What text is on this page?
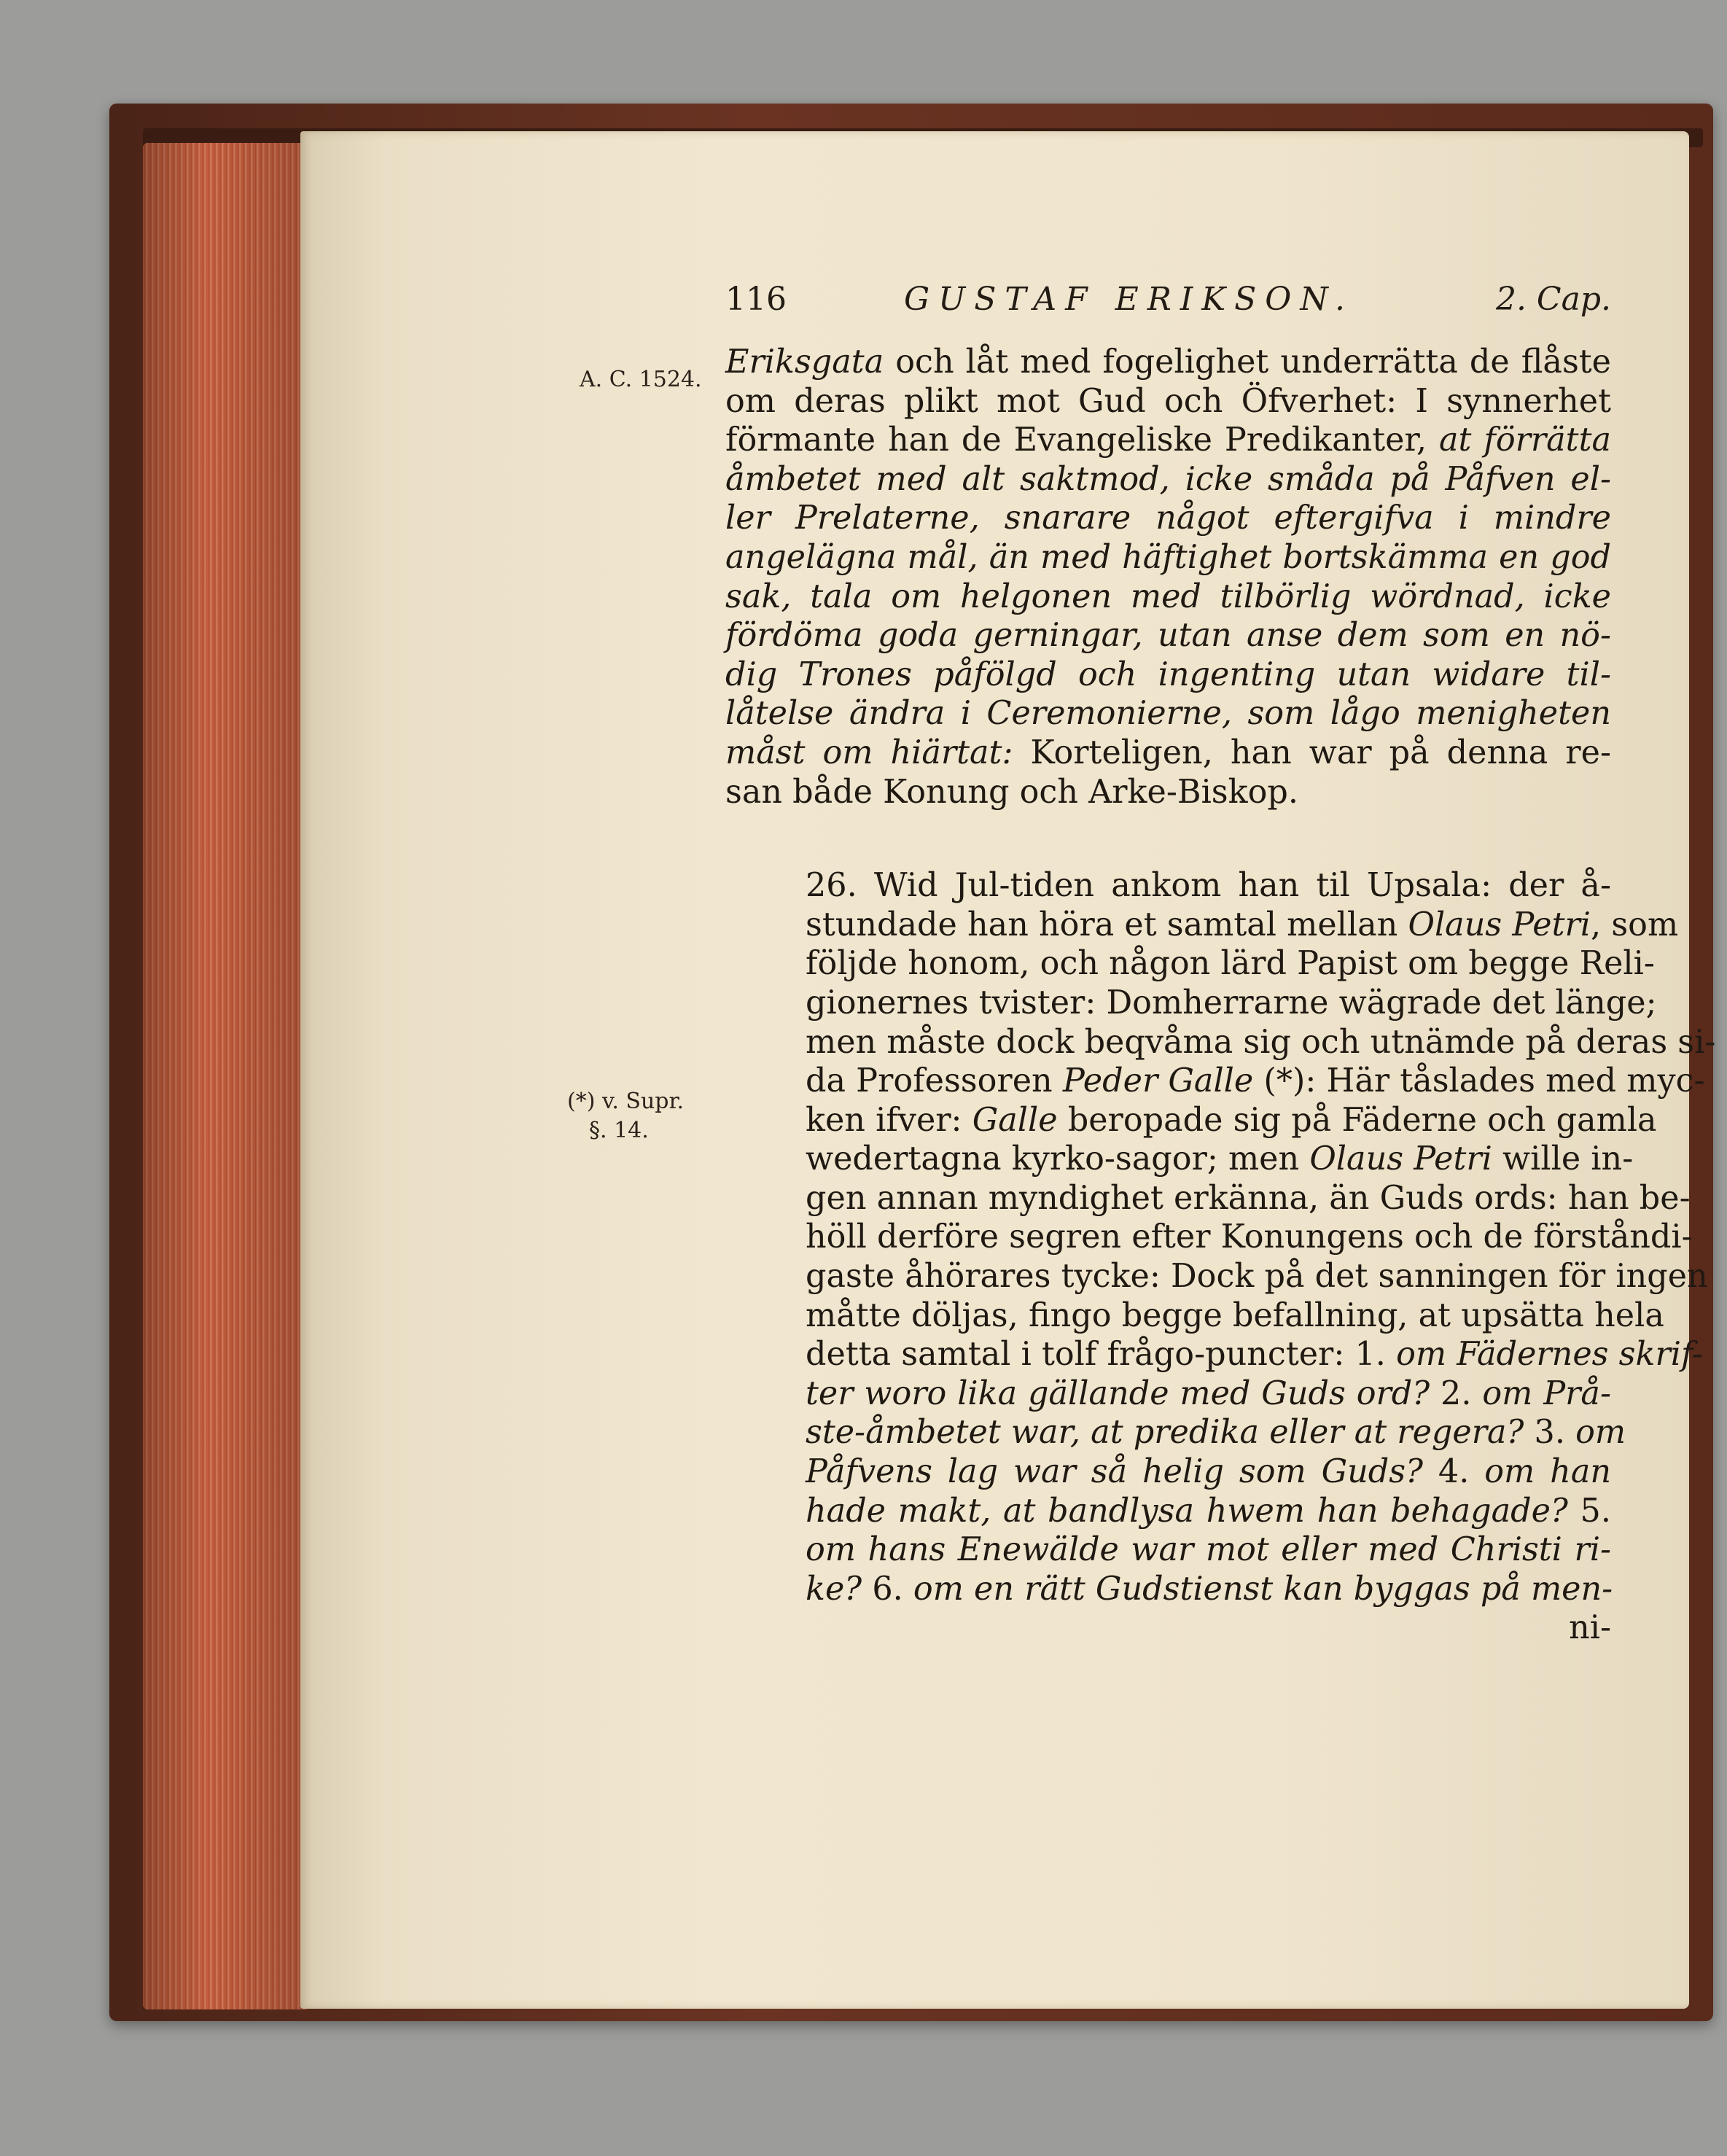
116	GUSTAF ERIKSON.	2. Cap.
A. C. 1524.
(*) v. Supr.
§. 14.

Eriksgata och låt med fogelighet underrätta de flåste
om deras plikt mot Gud och Öfverhet: I synnerhet
förmante han de Evangeliske Predikanter, at förrätta
åmbetet med alt saktmod, icke småda på Påfven el-
ler Prelaterne, snarare något eftergifva i mindre
angelägna mål, än med häftighet bortskämma en god
sak, tala om helgonen med tilbörlig wördnad, icke
fördöma goda gerningar, utan anse dem som en nö-
dig Trones påfölgd och ingenting utan widare til-
låtelse ändra i Ceremonierne, som lågo menigheten
måst om hiärtat: Korteligen, han war på denna re-
san både Konung och Arke-Biskop.

26. Wid Jul-tiden ankom han til Upsala: der å-
stundade han höra et samtal mellan Olaus Petri, som
följde honom, och någon lärd Papist om begge Reli-
gionernes tvister: Domherrarne wägrade det länge;
men måste dock beqvåma sig och utnämde på deras si-
da Professoren Peder Galle (*): Här tåslades med myc-
ken ifver: Galle beropade sig på Fäderne och gamla
wedertagna kyrko-sagor; men Olaus Petri wille in-
gen annan myndighet erkänna, än Guds ords: han be-
höll derföre segren efter Konungens och de förståndi-
gaste åhörares tycke: Dock på det sanningen för ingen
måtte döljas, fingo begge befallning, at upsätta hela
detta samtal i tolf frågo-puncter: 1. om Fädernes skrif-
ter woro lika gällande med Guds ord? 2. om Prå-
ste-åmbetet war, at predika eller at regera? 3. om
Påfvens lag war så helig som Guds? 4. om han
hade makt, at bandlysa hwem han behagade? 5.
om hans Enewälde war mot eller med Christi ri-
ke? 6. om en rätt Gudstienst kan byggas på men-

ni-
